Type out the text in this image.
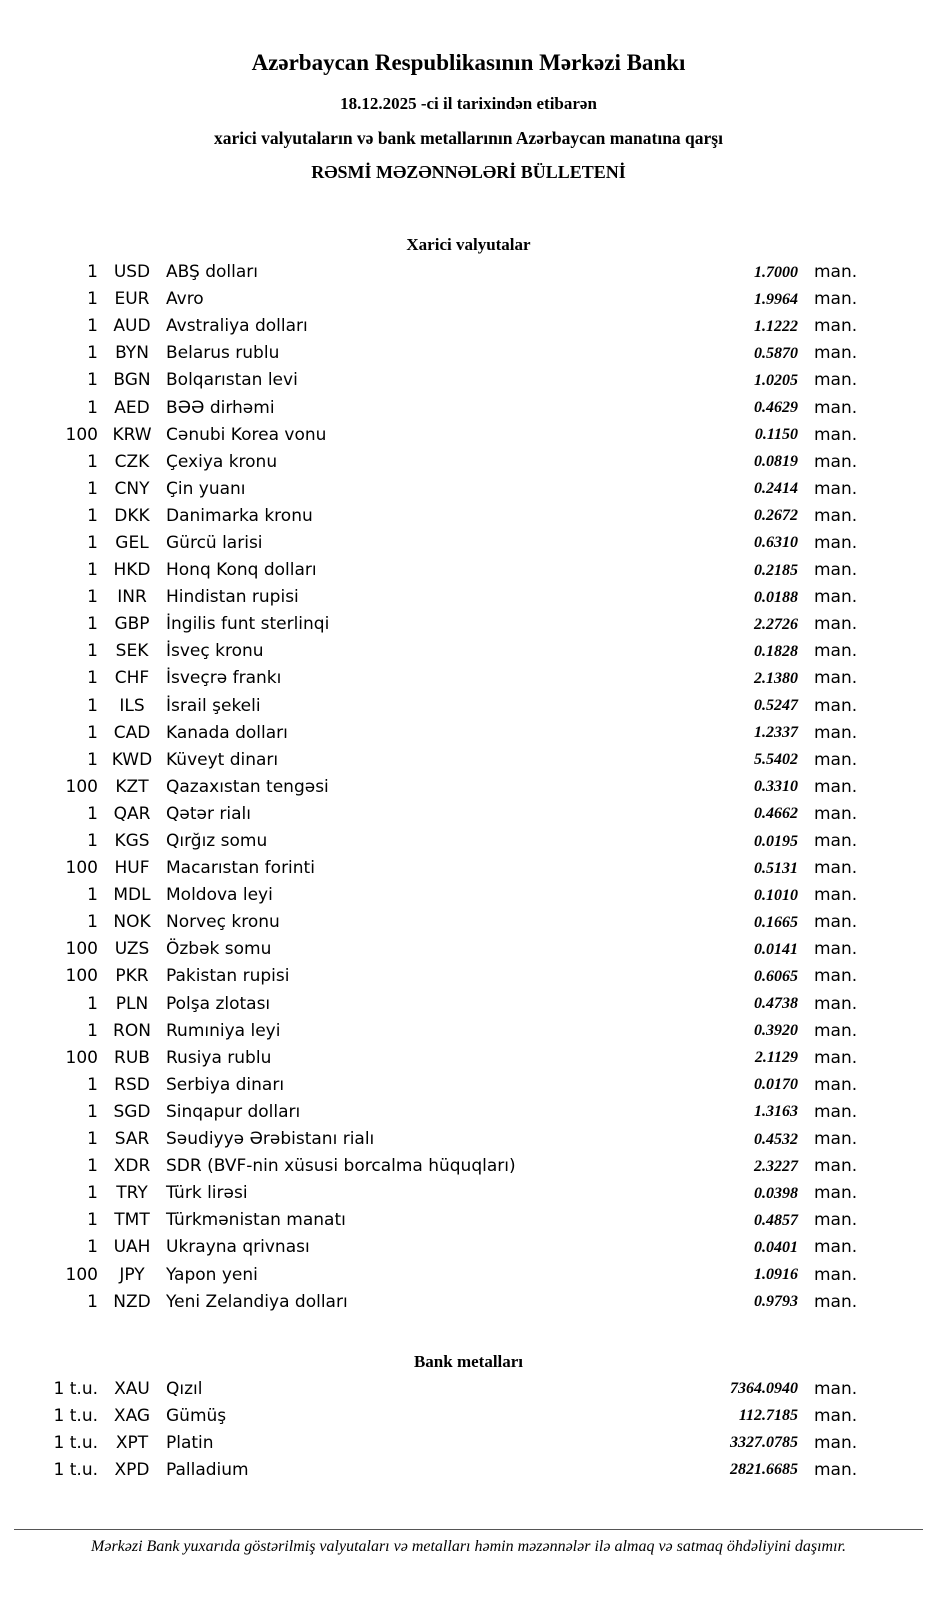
Azərbaycan Respublikasının Mərkəzi Bankı

18.12.2025 -ci il tarixindən etibarən

xarici valyutaların və bank metallarının Azərbaycan manatına qarşı

RƏSMİ MƏZƏNNƏLƏRİ BÜLLETENİ

Xarici valyutalar
1 USD ABŞ dolları	1.7000 man.
1 EUR Avro	1.9964 man.
1 AUD Avstraliya dolları	1.1222 man.
1	BYN	Belarus rublu	0.5870 man.
1 BGN Bolqarıstan levi	1.0205 man.
1 AED BƏƏ dirhəmi	0.4629 man.
100 KRW Cənubi Korea vonu	0.1150 man.
1 CZK Çexiya kronu	0.0819 man.
1 CNY Çin yuanı	0.2414 man.
1 DKK Danimarka kronu	0.2672 man.
1	GEL	Gürcü larisi	0.6310 man.
1 HKD Honq Konq dolları	0.2185 man.
1	INR	Hindistan rupisi	0.0188 man.
1 GBP İngilis funt sterlinqi	2.2726 man.
1	SEK	İsveç kronu	0.1828 man.
1 CHF İsveçrə frankı	2.1380 man.
1	ILS	İsrail şekeli	0.5247 man.
1 CAD Kanada dolları	1.2337 man.
1 KWD Küveyt dinarı	5.5402 man.
100	KZT	Qazaxıstan tengəsi	0.3310 man.
1 QAR Qətər rialı	0.4662 man.
1 KGS Qırğız somu	0.0195 man.
100 HUF Macarıstan forinti	0.5131 man.
1 MDL Moldova leyi	0.1010 man.
1 NOK Norveç kronu	0.1665 man.
100 UZS Özbək somu	0.0141 man.
100	PKR	Pakistan rupisi	0.6065 man.
1	PLN	Polşa zlotası	0.4738 man.
1 RON Rumıniya leyi	0.3920 man.
100 RUB Rusiya rublu	2.1129 man.
1 RSD Serbiya dinarı	0.0170 man.
1 SGD Sinqapur dolları	1.3163 man.
1 SAR Səudiyyə Ərəbistanı rialı	0.4532 man.
1 XDR SDR (BVF-nin xüsusi borcalma hüquqları)	2.3227 man.
1	TRY	Türk lirəsi	0.0398 man.
1 TMT Türkmənistan manatı	0.4857 man.
1 UAH Ukrayna qrivnası	0.0401 man.
100	JPY	Yapon yeni	1.0916 man.
1 NZD Yeni Zelandiya dolları	0.9793 man.
Bank metalları
1 t.u. XAU Qızıl	7364.0940 man.
1 t.u. XAG Gümüş	112.7185 man.
1 t.u.	XPT	Platin	3327.0785 man.
1 t.u. XPD Palladium	2821.6685 man.
Mərkəzi Bank yuxarıda göstərilmiş valyutaları və metalları həmin məzənnələr ilə almaq və satmaq öhdəliyini daşımır.
